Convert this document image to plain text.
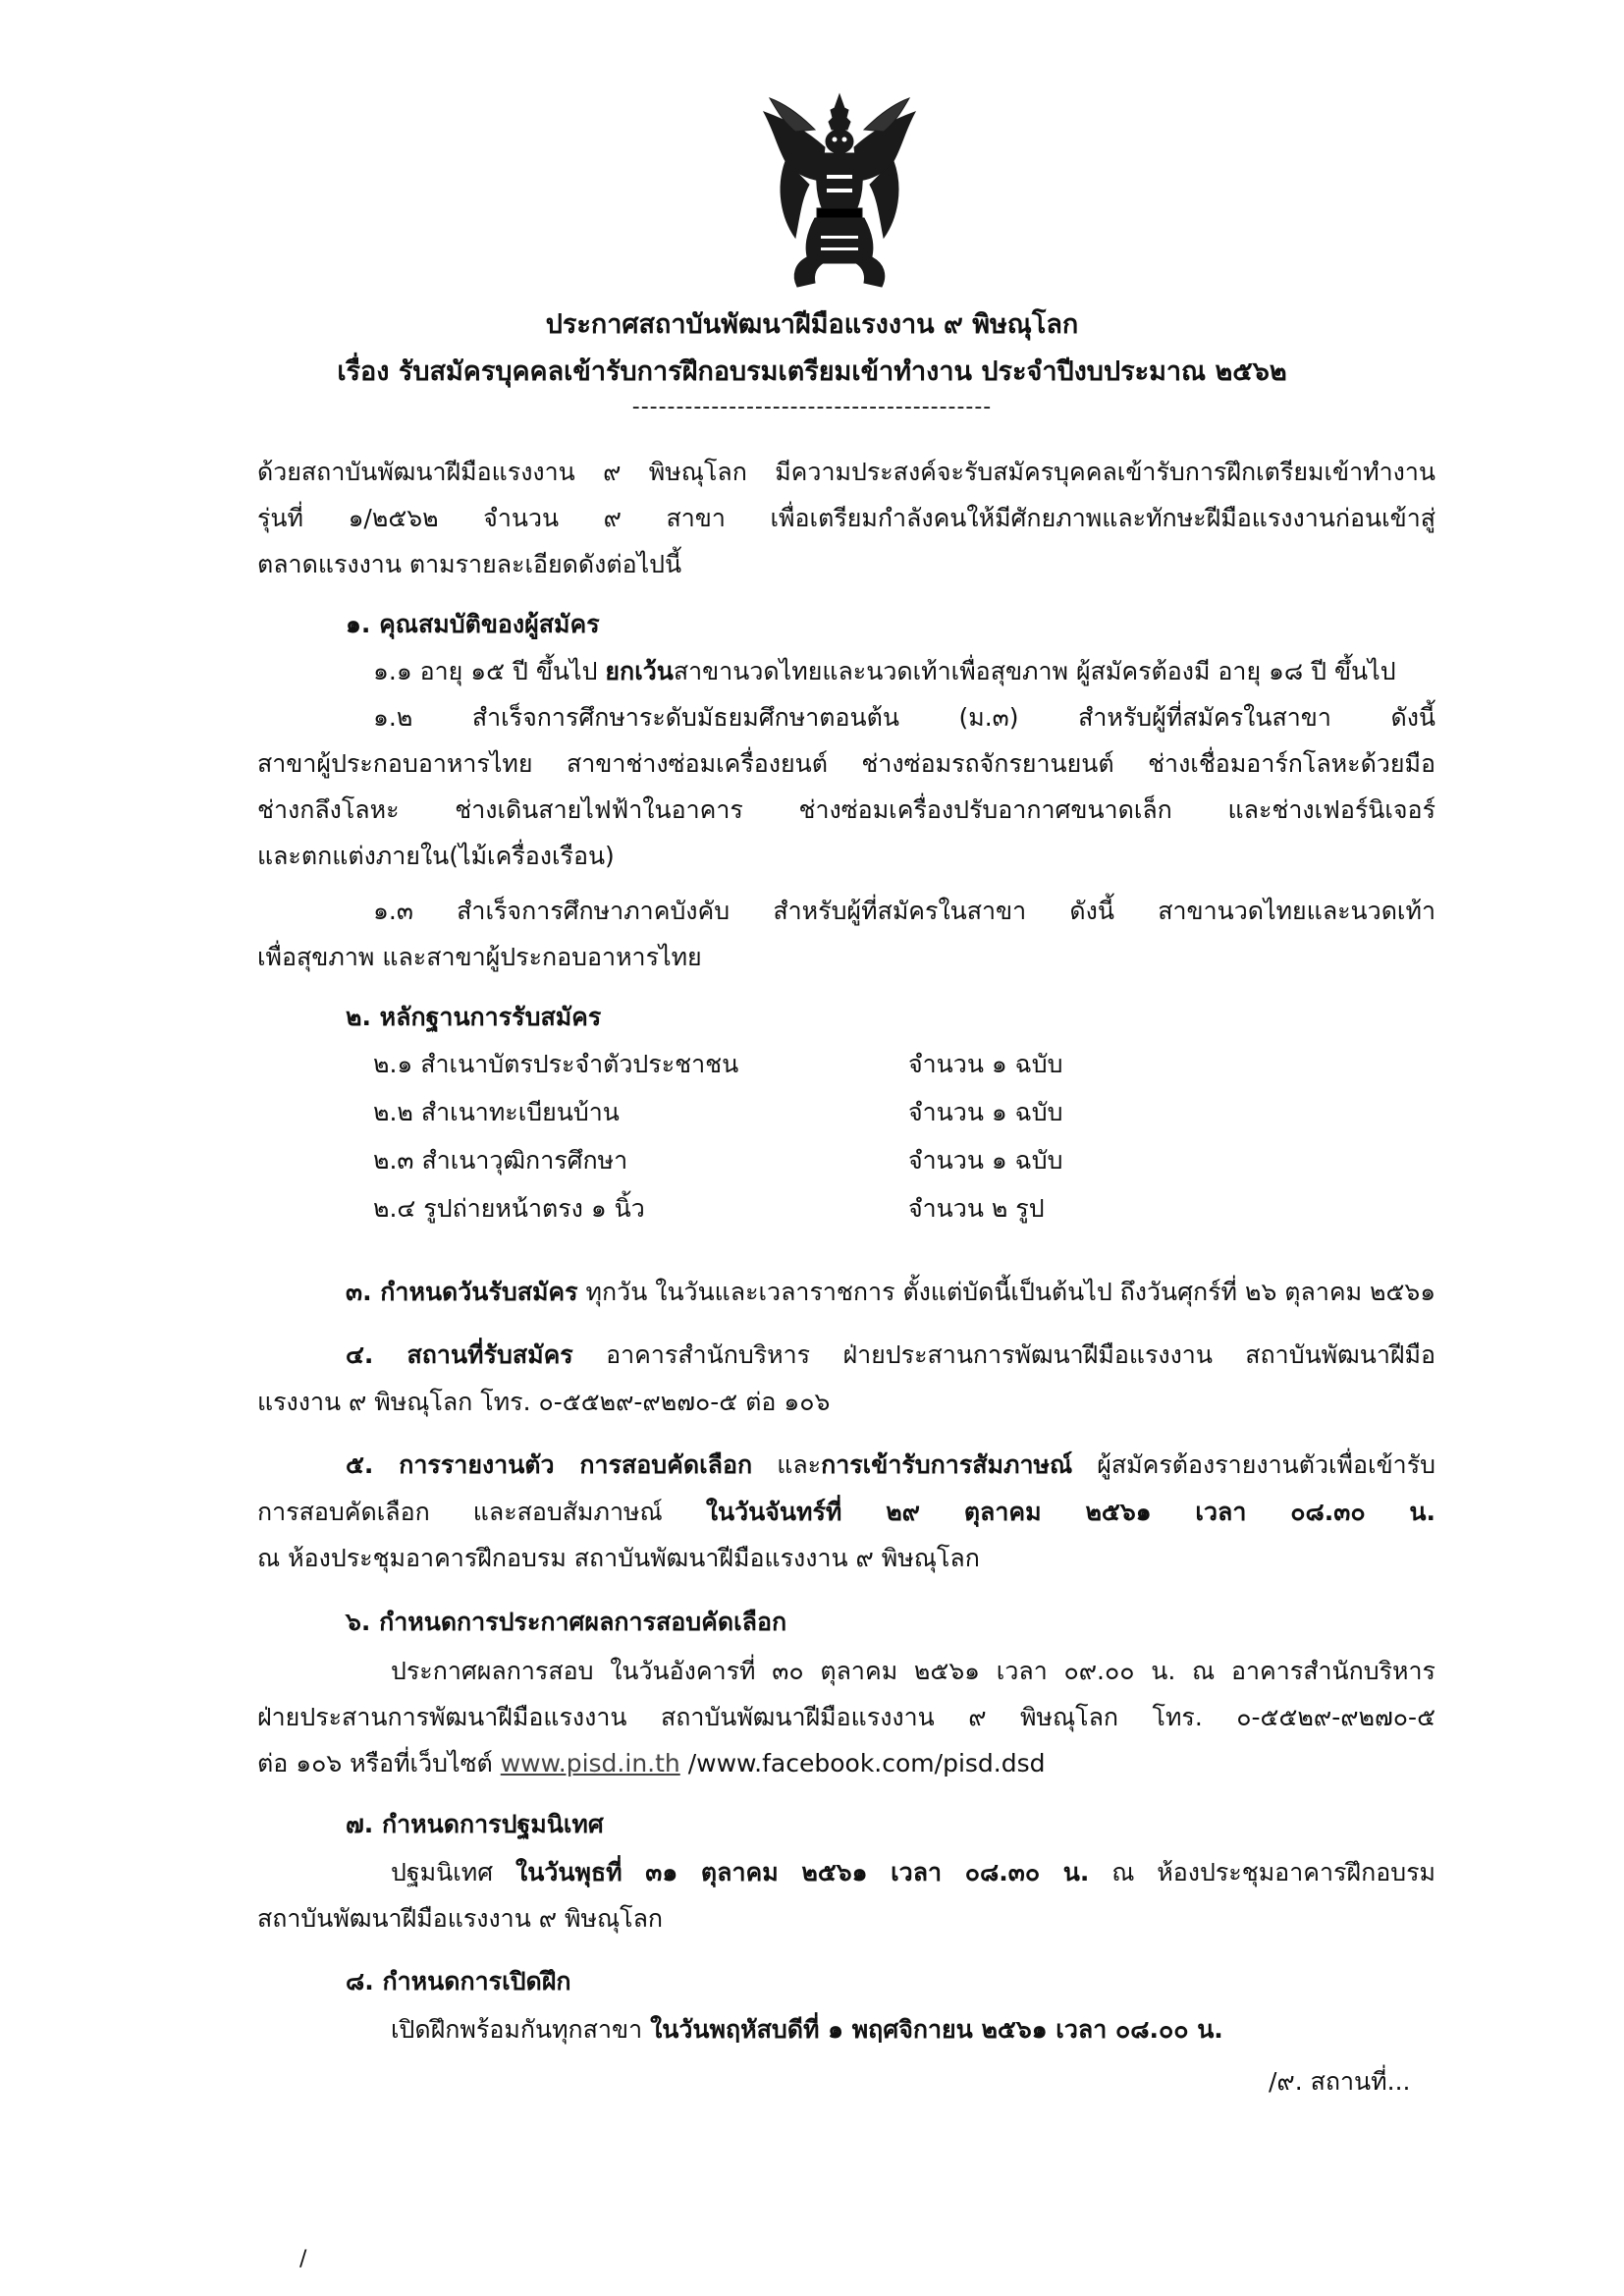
ประกาศสถาบันพัฒนาฝีมือแรงงาน ๙ พิษณุโลก
เรื่อง รับสมัครบุคคลเข้ารับการฝึกอบรมเตรียมเข้าทำงาน ประจำปีงบประมาณ ๒๕๖๒
-----------------------------------------
ด้วยสถาบันพัฒนาฝีมือแรงงาน ๙ พิษณุโลก มีความประสงค์จะรับสมัครบุคคลเข้ารับการฝึกเตรียมเข้าทำงาน
รุ่นที่ ๑/๒๕๖๒ จำนวน ๙ สาขา เพื่อเตรียมกำลังคนให้มีศักยภาพและทักษะฝีมือแรงงานก่อนเข้าสู่
ตลาดแรงงาน ตามรายละเอียดดังต่อไปนี้
๑. คุณสมบัติของผู้สมัคร
๑.๑ อายุ ๑๕ ปี ขึ้นไป ยกเว้นสาขานวดไทยและนวดเท้าเพื่อสุขภาพ ผู้สมัครต้องมี อายุ ๑๘ ปี ขึ้นไป
๑.๒ สำเร็จการศึกษาระดับมัธยมศึกษาตอนต้น (ม.๓) สำหรับผู้ที่สมัครในสาขา ดังนี้
สาขาผู้ประกอบอาหารไทย สาขาช่างซ่อมเครื่องยนต์ ช่างซ่อมรถจักรยานยนต์ ช่างเชื่อมอาร์กโลหะด้วยมือ
ช่างกลึงโลหะ ช่างเดินสายไฟฟ้าในอาคาร ช่างซ่อมเครื่องปรับอากาศขนาดเล็ก และช่างเฟอร์นิเจอร์
และตกแต่งภายใน(ไม้เครื่องเรือน)
๑.๓ สำเร็จการศึกษาภาคบังคับ สำหรับผู้ที่สมัครในสาขา ดังนี้ สาขานวดไทยและนวดเท้า
เพื่อสุขภาพ และสาขาผู้ประกอบอาหารไทย
๒. หลักฐานการรับสมัคร
๒.๑ สำเนาบัตรประจำตัวประชาชน	จำนวน ๑ ฉบับ
๒.๒ สำเนาทะเบียนบ้าน	จำนวน ๑ ฉบับ
๒.๓ สำเนาวุฒิการศึกษา	จำนวน ๑ ฉบับ
๒.๔ รูปถ่ายหน้าตรง ๑ นิ้ว	จำนวน ๒ รูป
๓. กำหนดวันรับสมัคร ทุกวัน ในวันและเวลาราชการ ตั้งแต่บัดนี้เป็นต้นไป ถึงวันศุกร์ที่ ๒๖ ตุลาคม ๒๕๖๑
๔. สถานที่รับสมัคร อาคารสำนักบริหาร ฝ่ายประสานการพัฒนาฝีมือแรงงาน สถาบันพัฒนาฝีมือ
แรงงาน ๙ พิษณุโลก โทร. ๐-๕๕๒๙-๙๒๗๐-๕ ต่อ ๑๐๖
๕. การรายงานตัว การสอบคัดเลือก และการเข้ารับการสัมภาษณ์ ผู้สมัครต้องรายงานตัวเพื่อเข้ารับ
การสอบคัดเลือก และสอบสัมภาษณ์ ในวันจันทร์ที่ ๒๙ ตุลาคม ๒๕๖๑ เวลา ๐๘.๓๐ น.
ณ ห้องประชุมอาคารฝึกอบรม สถาบันพัฒนาฝีมือแรงงาน ๙ พิษณุโลก
๖. กำหนดการประกาศผลการสอบคัดเลือก
ประกาศผลการสอบ ในวันอังคารที่ ๓๐ ตุลาคม ๒๕๖๑ เวลา ๐๙.๐๐ น. ณ อาคารสำนักบริหาร
ฝ่ายประสานการพัฒนาฝีมือแรงงาน สถาบันพัฒนาฝีมือแรงงาน ๙ พิษณุโลก โทร. ๐-๕๕๒๙-๙๒๗๐-๕
ต่อ ๑๐๖ หรือที่เว็บไซต์ www.pisd.in.th /www.facebook.com/pisd.dsd
๗. กำหนดการปฐมนิเทศ
ปฐมนิเทศ ในวันพุธที่ ๓๑ ตุลาคม ๒๕๖๑ เวลา ๐๘.๓๐ น. ณ ห้องประชุมอาคารฝึกอบรม
สถาบันพัฒนาฝีมือแรงงาน ๙ พิษณุโลก
๘. กำหนดการเปิดฝึก
เปิดฝึกพร้อมกันทุกสาขา ในวันพฤหัสบดีที่ ๑ พฤศจิกายน ๒๕๖๑ เวลา ๐๘.๐๐ น.
/๙. สถานที่...
/
